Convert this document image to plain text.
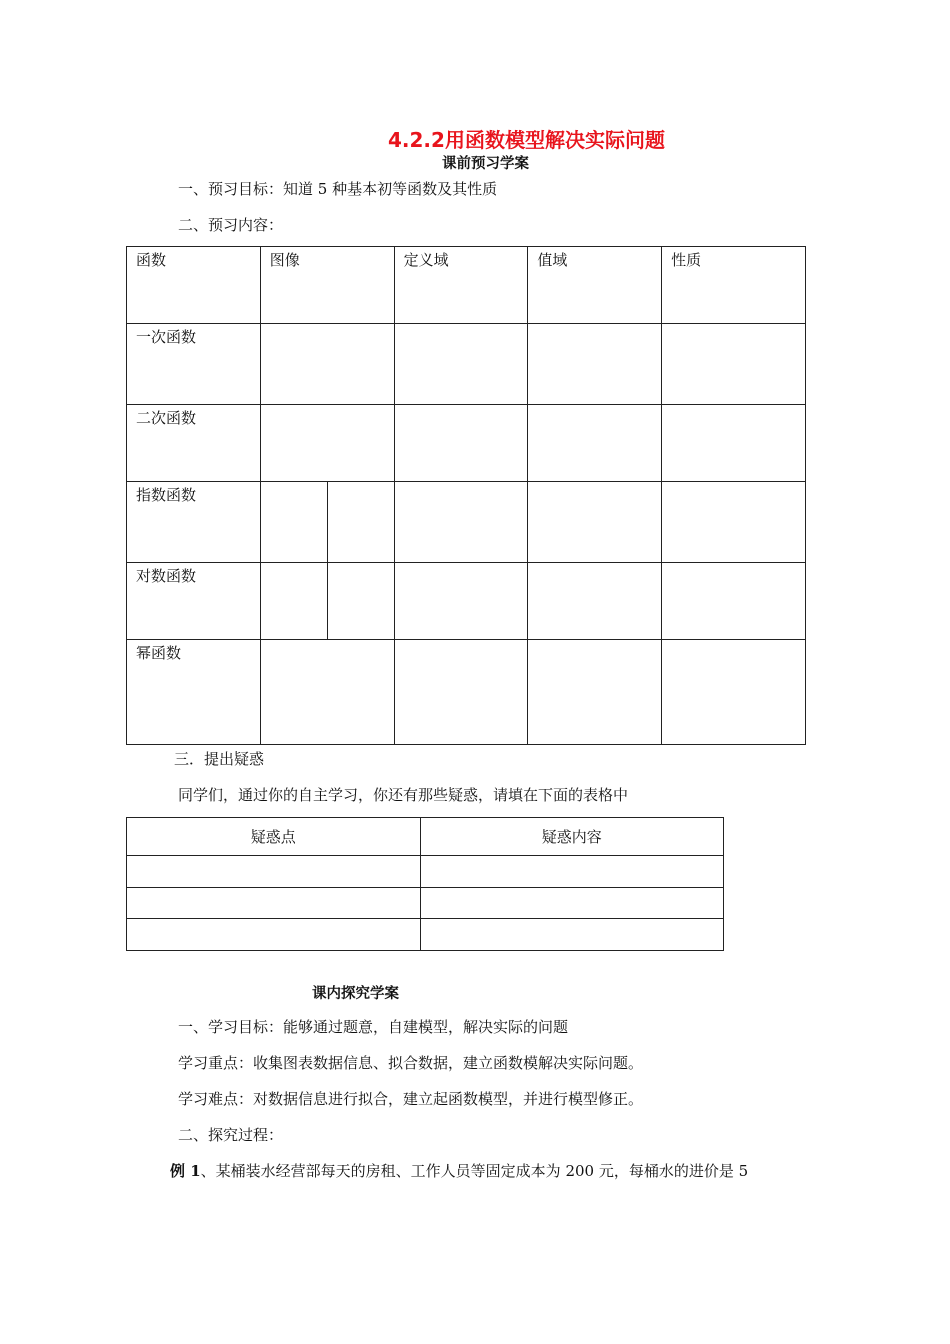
4.2.2用函数模型解决实际问题
课前预习学案
一、预习目标：知道 5 种基本初等函数及其性质
二、预习内容：
函数	图像		定义域	值域	性质

一次函数					

二次函数					

指数函数					

对数函数					

幂函数					

三．提出疑惑
同学们，通过你的自主学习，你还有那些疑惑，请填在下面的表格中
疑惑点	疑惑内容

课内探究学案
一、学习目标：能够通过题意，自建模型，解决实际的问题
学习重点：收集图表数据信息、拟合数据，建立函数模解决实际问题。
学习难点：对数据信息进行拟合，建立起函数模型，并进行模型修正。
二、探究过程：
例 1、某桶装水经营部每天的房租、工作人员等固定成本为 200 元，每桶水的进价是 5
